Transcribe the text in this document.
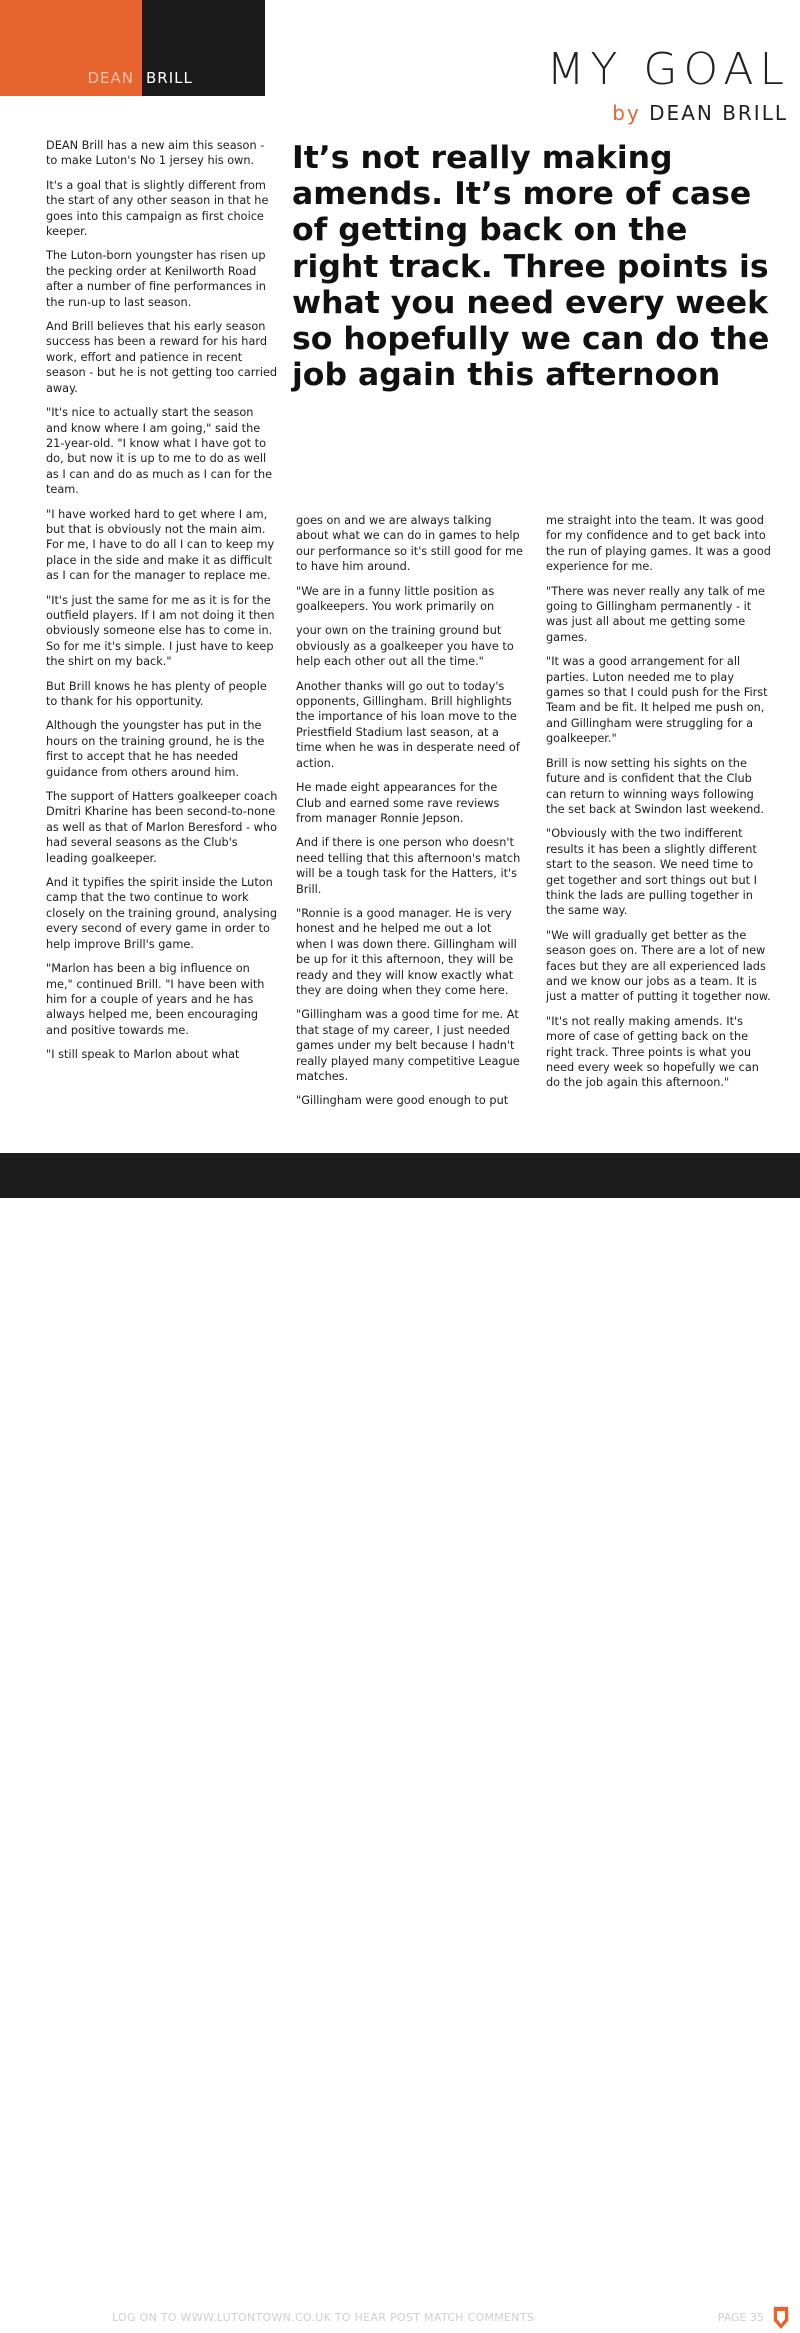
DEAN BRILL	MY GOAL
by DEAN BRILL

DEAN Brill has a new aim this season - to make Luton's No 1 jersey his own.

It's a goal that is slightly different from the start of any other season in that he goes into this campaign as first choice keeper.

The Luton-born youngster has risen up the pecking order at Kenilworth Road after a number of fine performances in the run-up to last season.

And Brill believes that his early season success has been a reward for his hard work, effort and patience in recent season - but he is not getting too carried away.

"It's nice to actually start the season and know where I am going," said the 21-year-old. "I know what I have got to do, but now it is up to me to do as well as I can and do as much as I can for the team.

"I have worked hard to get where I am, but that is obviously not the main aim. For me, I have to do all I can to keep my place in the side and make it as difficult as I can for the manager to replace me.

"It's just the same for me as it is for the outfield players. If I am not doing it then obviously someone else has to come in. So for me it's simple. I just have to keep the shirt on my back."

But Brill knows he has plenty of people to thank for his opportunity.

Although the youngster has put in the hours on the training ground, he is the first to accept that he has needed guidance from others around him.

The support of Hatters goalkeeper coach Dmitri Kharine has been second-to-none as well as that of Marlon Beresford - who had several seasons as the Club's leading goalkeeper.

And it typifies the spirit inside the Luton camp that the two continue to work closely on the training ground, analysing every second of every game in order to help improve Brill's game.

"Marlon has been a big influence on me," continued Brill. "I have been with him for a couple of years and he has always helped me, been encouraging and positive towards me.

"I still speak to Marlon about what

It’s not really making amends. It’s more of case of getting back on the right track. Three points is what you need every week so hopefully we can do the job again this afternoon

goes on and we are always talking about what we can do in games to help our performance so it's still good for me to have him around.

"We are in a funny little position as goalkeepers. You work primarily on

your own on the training ground but obviously as a goalkeeper you have to help each other out all the time."

Another thanks will go out to today's opponents, Gillingham. Brill highlights the importance of his loan move to the Priestfield Stadium last season, at a time when he was in desperate need of action.

He made eight appearances for the Club and earned some rave reviews from manager Ronnie Jepson.

And if there is one person who doesn't need telling that this afternoon's match will be a tough task for the Hatters, it's Brill.

"Ronnie is a good manager. He is very honest and he helped me out a lot when I was down there. Gillingham will be up for it this afternoon, they will be ready and they will know exactly what they are doing when they come here.

"Gillingham was a good time for me. At that stage of my career, I just needed games under my belt because I hadn't really played many competitive League matches.

"Gillingham were good enough to put

me straight into the team. It was good for my confidence and to get back into the run of playing games. It was a good experience for me.

"There was never really any talk of me going to Gillingham permanently - it was just all about me getting some games.

"It was a good arrangement for all parties. Luton needed me to play games so that I could push for the First Team and be fit. It helped me push on, and Gillingham were struggling for a goalkeeper."

Brill is now setting his sights on the future and is confident that the Club can return to winning ways following the set back at Swindon last weekend.

"Obviously with the two indifferent results it has been a slightly different start to the season. We need time to get together and sort things out but I think the lads are pulling together in the same way.

"We will gradually get better as the season goes on. There are a lot of new faces but they are all experienced lads and we know our jobs as a team. It is just a matter of putting it together now.

"It's not really making amends. It's more of case of getting back on the right track. Three points is what you need every week so hopefully we can do the job again this afternoon."

LOG ON TO WWW.LUTONTOWN.CO.UK TO HEAR POST MATCH COMMENTS	PAGE 35
